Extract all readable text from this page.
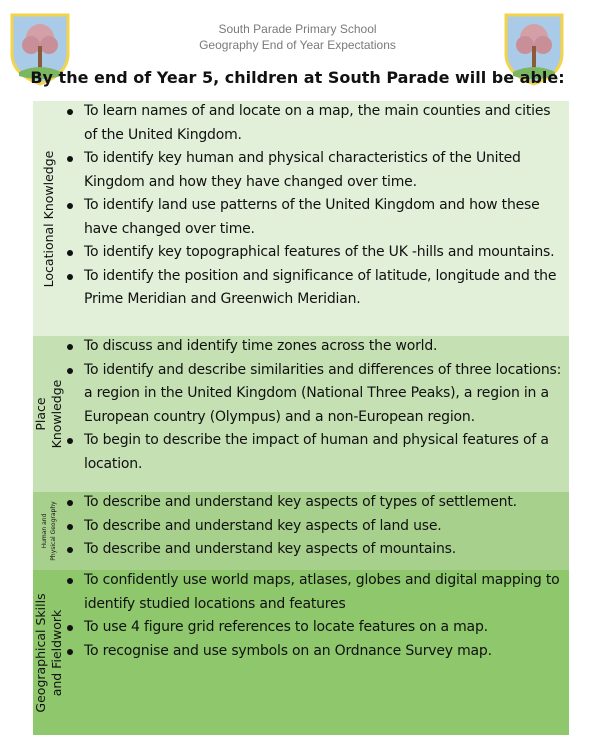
South Parade Primary School
Geography End of Year Expectations
By the end of Year 5, children at South Parade will be able:
Locational Knowledge
To learn names of and locate on a map, the main counties and cities of the United Kingdom.
To identify key human and physical characteristics of the United Kingdom and how they have changed over time.
To identify land use patterns of the United Kingdom and how these have changed over time.
To identify key topographical features of the UK -hills and mountains.
To identify the position and significance of latitude, longitude and the Prime Meridian and Greenwich Meridian.
Place Knowledge
To discuss and identify time zones across the world.
To identify and describe similarities and differences of three locations: a region in the United Kingdom (National Three Peaks), a region in a European country (Olympus) and a non-European region.
To begin to describe the impact of human and physical features of a location.
Human and Physical Geography	To describe and understand key aspects of types of settlement.
To describe and understand key aspects of land use.
To describe and understand key aspects of mountains.
Geographical Skills and Fieldwork
To confidently use world maps, atlases, globes and digital mapping to identify studied locations and features
To use 4 figure grid references to locate features on a map.
To recognise and use symbols on an Ordnance Survey map.
